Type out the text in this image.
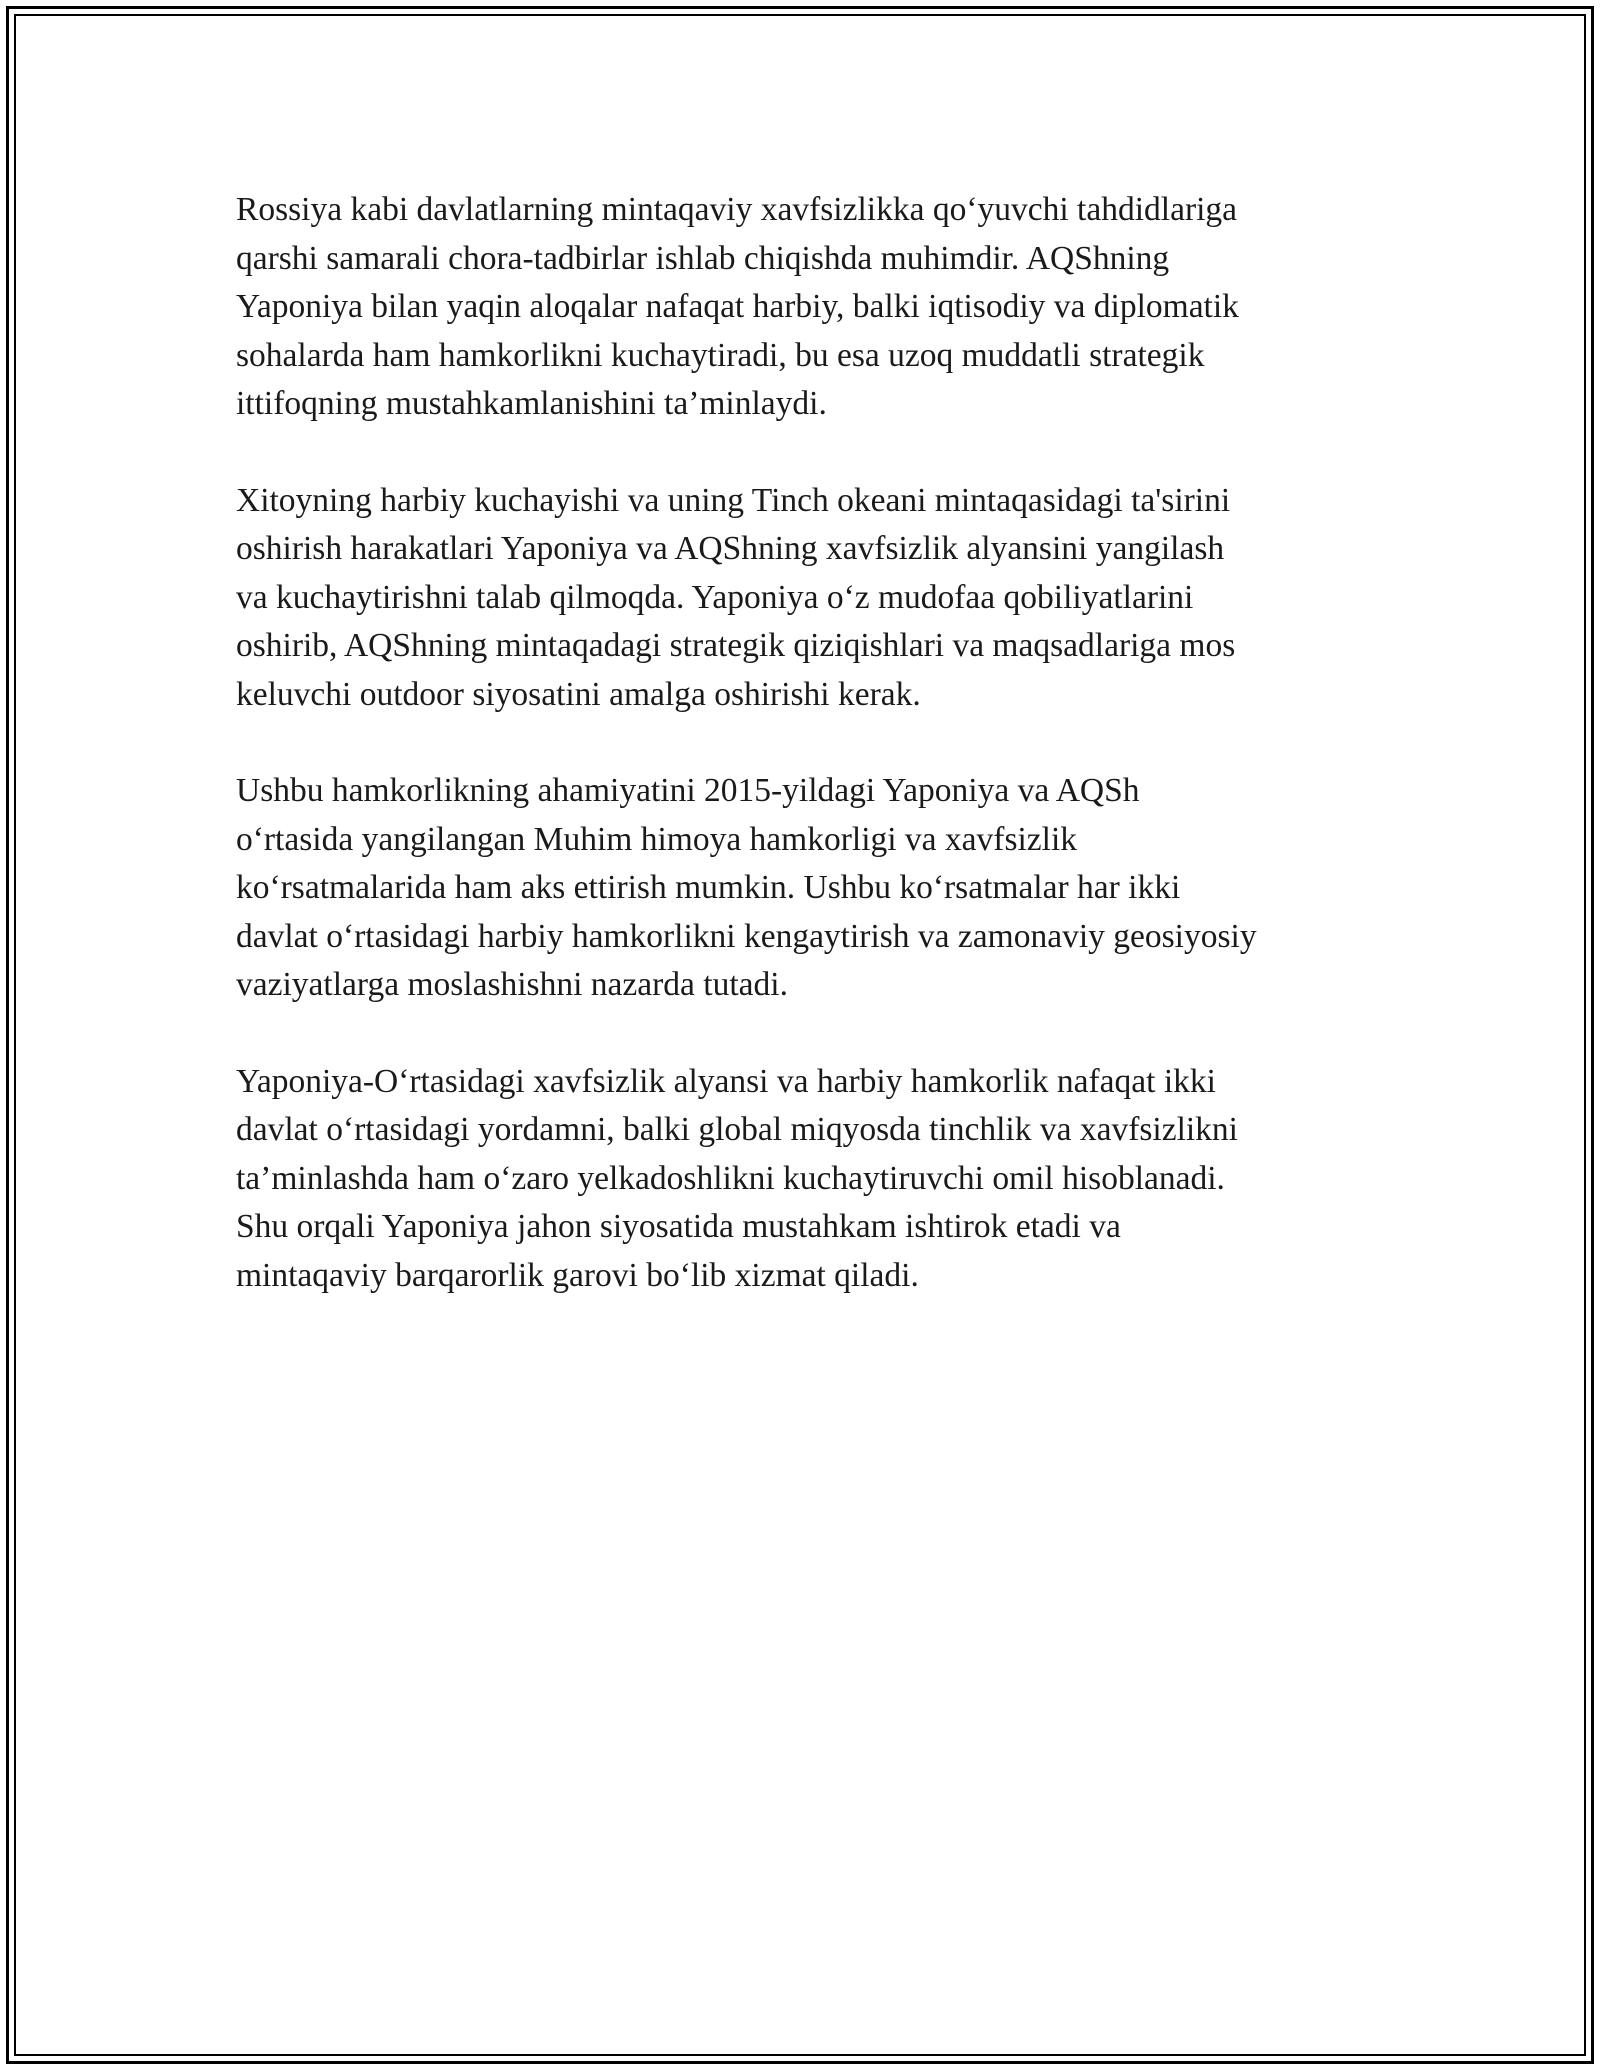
Rossiya kabi davlatlarning mintaqaviy xavfsizlikka qo‘yuvchi tahdidlariga
qarshi samarali chora-tadbirlar ishlab chiqishda muhimdir. AQShning
Yaponiya bilan yaqin aloqalar nafaqat harbiy, balki iqtisodiy va diplomatik
sohalarda ham hamkorlikni kuchaytiradi, bu esa uzoq muddatli strategik
ittifoqning mustahkamlanishini ta’minlaydi.

Xitoyning harbiy kuchayishi va uning Tinch okeani mintaqasidagi ta'sirini
oshirish harakatlari Yaponiya va AQShning xavfsizlik alyansini yangilash
va kuchaytirishni talab qilmoqda. Yaponiya o‘z mudofaa qobiliyatlarini
oshirib, AQShning mintaqadagi strategik qiziqishlari va maqsadlariga mos
keluvchi outdoor siyosatini amalga oshirishi kerak.

Ushbu hamkorlikning ahamiyatini 2015-yildagi Yaponiya va AQSh
o‘rtasida yangilangan Muhim himoya hamkorligi va xavfsizlik
ko‘rsatmalarida ham aks ettirish mumkin. Ushbu ko‘rsatmalar har ikki
davlat o‘rtasidagi harbiy hamkorlikni kengaytirish va zamonaviy geosiyosiy
vaziyatlarga moslashishni nazarda tutadi.

Yaponiya-O‘rtasidagi xavfsizlik alyansi va harbiy hamkorlik nafaqat ikki
davlat o‘rtasidagi yordamni, balki global miqyosda tinchlik va xavfsizlikni
ta’minlashda ham o‘zaro yelkadoshlikni kuchaytiruvchi omil hisoblanadi.
Shu orqali Yaponiya jahon siyosatida mustahkam ishtirok etadi va
mintaqaviy barqarorlik garovi bo‘lib xizmat qiladi.
